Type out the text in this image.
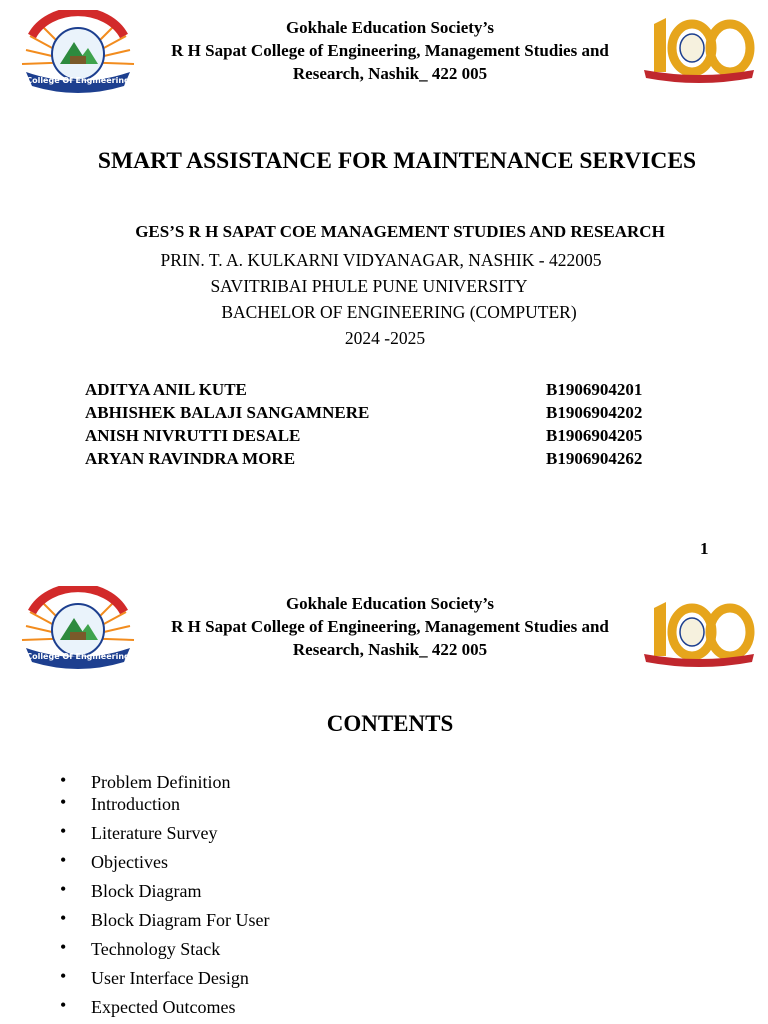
College Of Engineering
Gokhale Education Society’s
R H Sapat College of Engineering, Management Studies and
Research, Nashik_ 422 005
SMART ASSISTANCE FOR MAINTENANCE SERVICES
GES’S R H SAPAT COE MANAGEMENT STUDIES AND RESEARCH
PRIN. T. A. KULKARNI VIDYANAGAR, NASHIK - 422005
SAVITRIBAI PHULE PUNE UNIVERSITY
BACHELOR OF ENGINEERING (COMPUTER)
2024 -2025
ADITYA ANIL KUTE	B1906904201
ABHISHEK BALAJI SANGAMNERE	B1906904202
ANISH NIVRUTTI DESALE	B1906904205
ARYAN RAVINDRA MORE	B1906904262
1
College Of Engineering
Gokhale Education Society’s
R H Sapat College of Engineering, Management Studies and
Research, Nashik_ 422 005
CONTENTS
• Problem Definition
• Introduction
• Literature Survey
• Objectives
• Block Diagram
• Block Diagram For User
• Technology Stack
• User Interface Design
• Expected Outcomes
